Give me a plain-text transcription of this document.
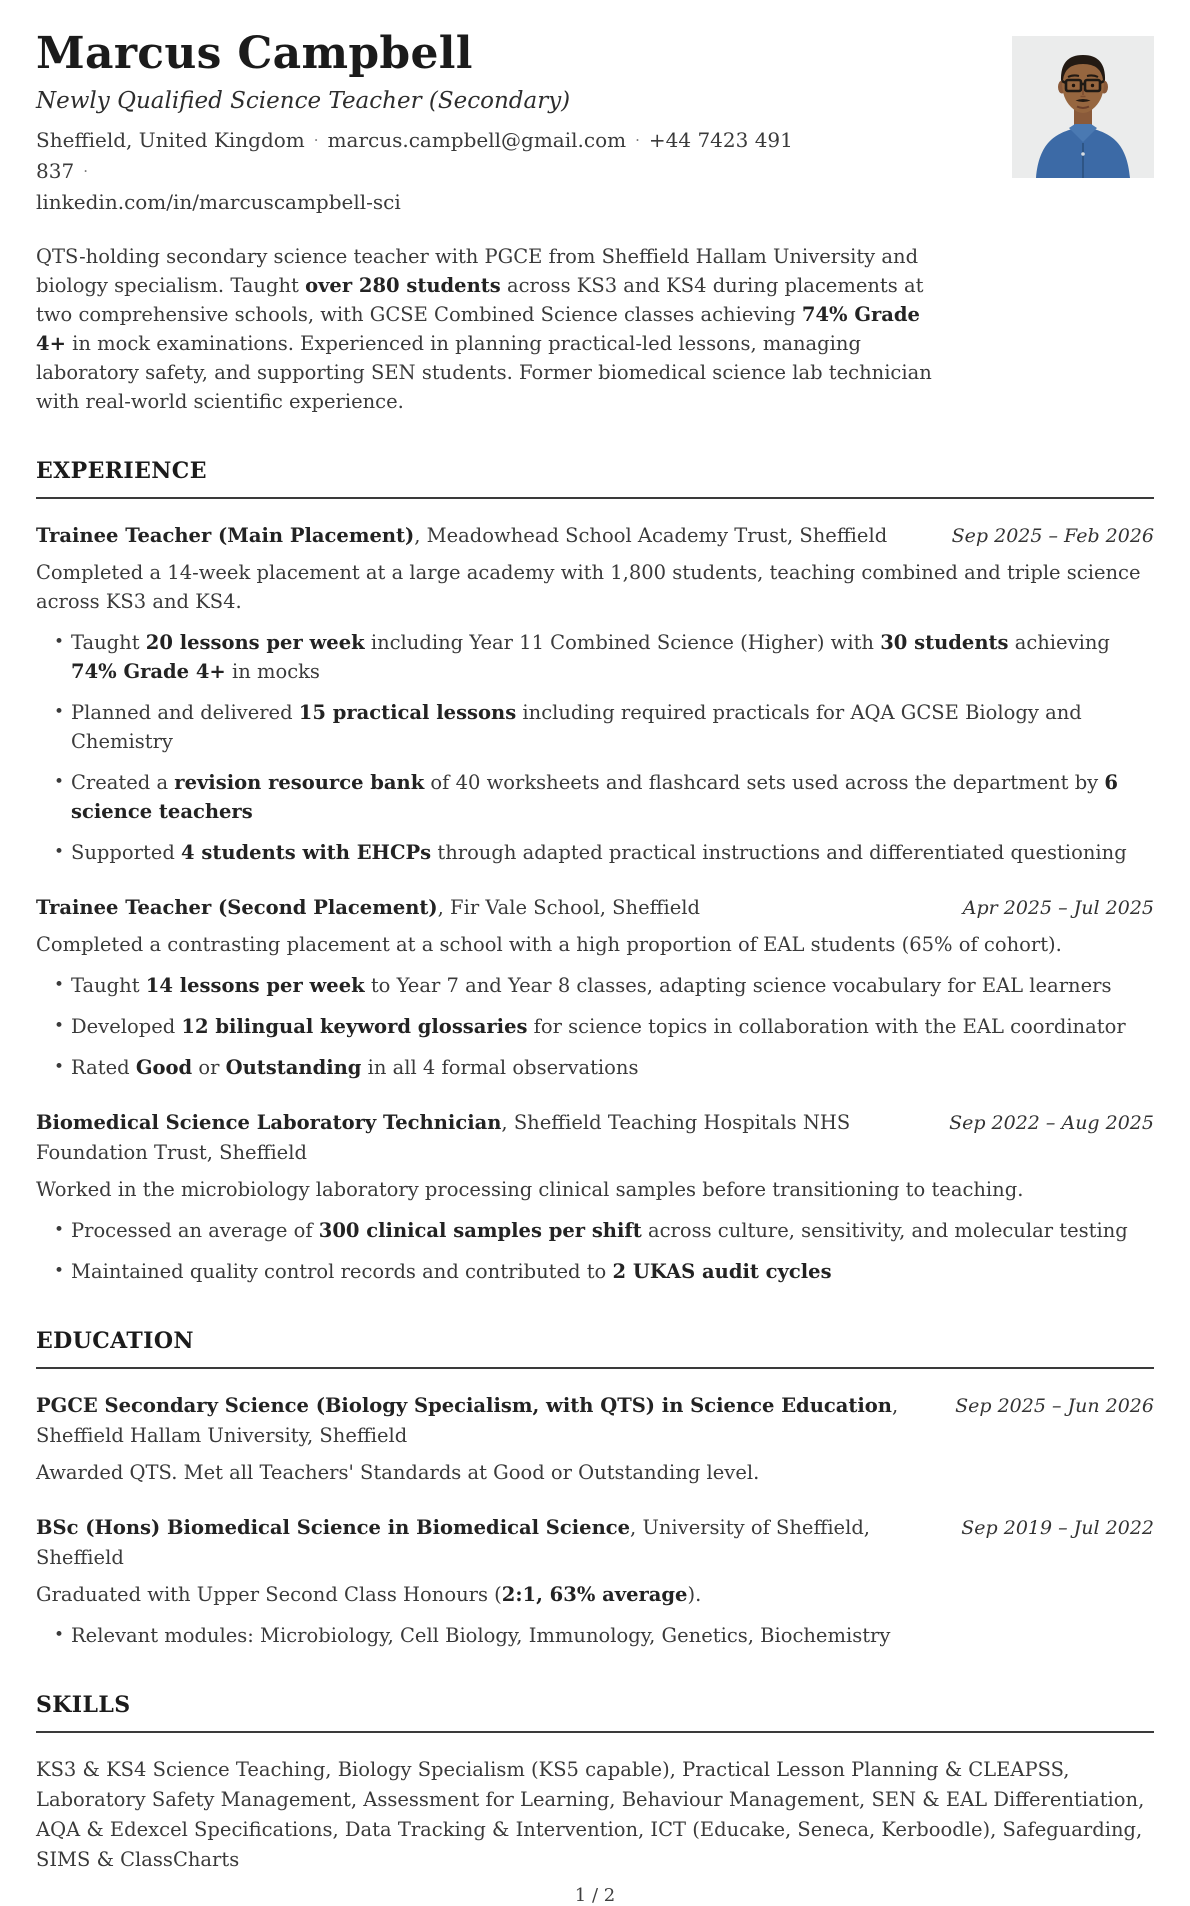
Marcus Campbell
Newly Qualified Science Teacher (Secondary)
Sheffield, United Kingdom · marcus.campbell@gmail.com · +44 7423 491 837 ·
linkedin.com/in/marcuscampbell-sci

QTS-holding secondary science teacher with PGCE from Sheffield Hallam University and biology specialism. Taught over 280 students across KS3 and KS4 during placements at two comprehensive schools, with GCSE Combined Science classes achieving 74% Grade 4+ in mock examinations. Experienced in planning practical-led lessons, managing laboratory safety, and supporting SEN students. Former biomedical science lab technician with real-world scientific experience.

EXPERIENCE
Trainee Teacher (Main Placement), Meadowhead School Academy Trust, Sheffield	Sep 2025 – Feb 2026

Completed a 14-week placement at a large academy with 1,800 students, teaching combined and triple science across KS3 and KS4.

• Taught 20 lessons per week including Year 11 Combined Science (Higher) with 30 students achieving 74% Grade 4+ in mocks
• Planned and delivered 15 practical lessons including required practicals for AQA GCSE Biology and Chemistry
• Created a revision resource bank of 40 worksheets and flashcard sets used across the department by 6 science teachers
• Supported 4 students with EHCPs through adapted practical instructions and differentiated questioning
Trainee Teacher (Second Placement), Fir Vale School, Sheffield	Apr 2025 – Jul 2025

Completed a contrasting placement at a school with a high proportion of EAL students (65% of cohort).

• Taught 14 lessons per week to Year 7 and Year 8 classes, adapting science vocabulary for EAL learners
• Developed 12 bilingual keyword glossaries for science topics in collaboration with the EAL coordinator
• Rated Good or Outstanding in all 4 formal observations
Biomedical Science Laboratory Technician, Sheffield Teaching Hospitals NHS Foundation Trust, Sheffield
Sep 2022 – Aug 2025

Worked in the microbiology laboratory processing clinical samples before transitioning to teaching.

• Processed an average of 300 clinical samples per shift across culture, sensitivity, and molecular testing
• Maintained quality control records and contributed to 2 UKAS audit cycles
EDUCATION
PGCE Secondary Science (Biology Specialism, with QTS) in Science Education, Sheffield Hallam University, Sheffield
Sep 2025 – Jun 2026

Awarded QTS. Met all Teachers' Standards at Good or Outstanding level.

BSc (Hons) Biomedical Science in Biomedical Science, University of Sheffield, Sheffield
Sep 2019 – Jul 2022

Graduated with Upper Second Class Honours (2:1, 63% average).

• Relevant modules: Microbiology, Cell Biology, Immunology, Genetics, Biochemistry
SKILLS

KS3 & KS4 Science Teaching, Biology Specialism (KS5 capable), Practical Lesson Planning & CLEAPSS, Laboratory Safety Management, Assessment for Learning, Behaviour Management, SEN & EAL Differentiation, AQA & Edexcel Specifications, Data Tracking & Intervention, ICT (Educake, Seneca, Kerboodle), Safeguarding, SIMS & ClassCharts

1 / 2
